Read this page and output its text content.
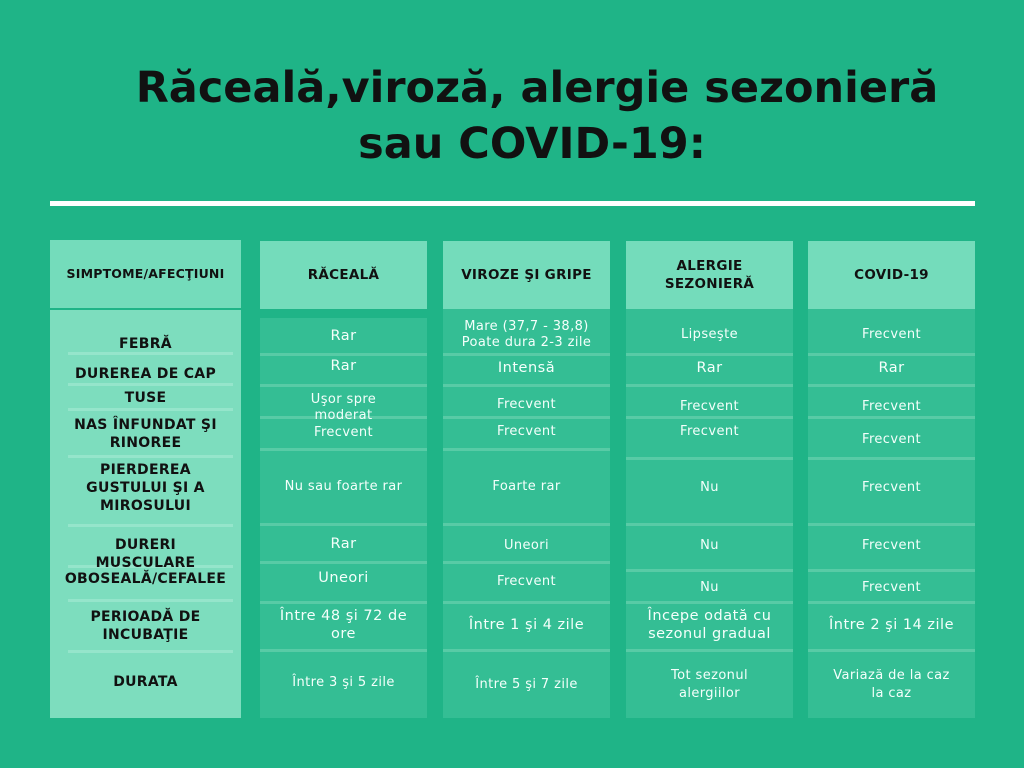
Răceală,viroză, alergie sezonieră
sau COVID-19:
SIMPTOME/AFECŢIUNI
FEBRĂ
DUREREA DE CAP
TUSE
NAS ÎNFUNDAT ŞI RINOREE
PIERDEREA GUSTULUI ŞI A MIROSULUI
DURERI MUSCULARE
OBOSEALĂ/CEFALEE
PERIOADĂ DE INCUBAŢIE
DURATA
RĂCEALĂ
Rar
Rar
Uşor spre moderat
Frecvent
Nu sau foarte rar
Rar
Uneori
Între 48 şi 72 de ore
Între 3 şi 5 zile
VIROZE ŞI GRIPE
Mare (37,7 - 38,8) Poate dura 2-3 zile
Intensă
Frecvent
Frecvent
Foarte rar
Uneori
Frecvent
Între 1 şi 4 zile
Între 5 şi 7 zile
ALERGIE SEZONIERĂ
Lipseşte
Rar
Frecvent
Frecvent
Nu
Nu
Nu
Începe odată cu sezonul gradual
Tot sezonul alergiilor
COVID-19
Frecvent
Rar
Frecvent
Frecvent
Frecvent
Frecvent
Frecvent
Între 2 şi 14 zile
Variază de la caz la caz
